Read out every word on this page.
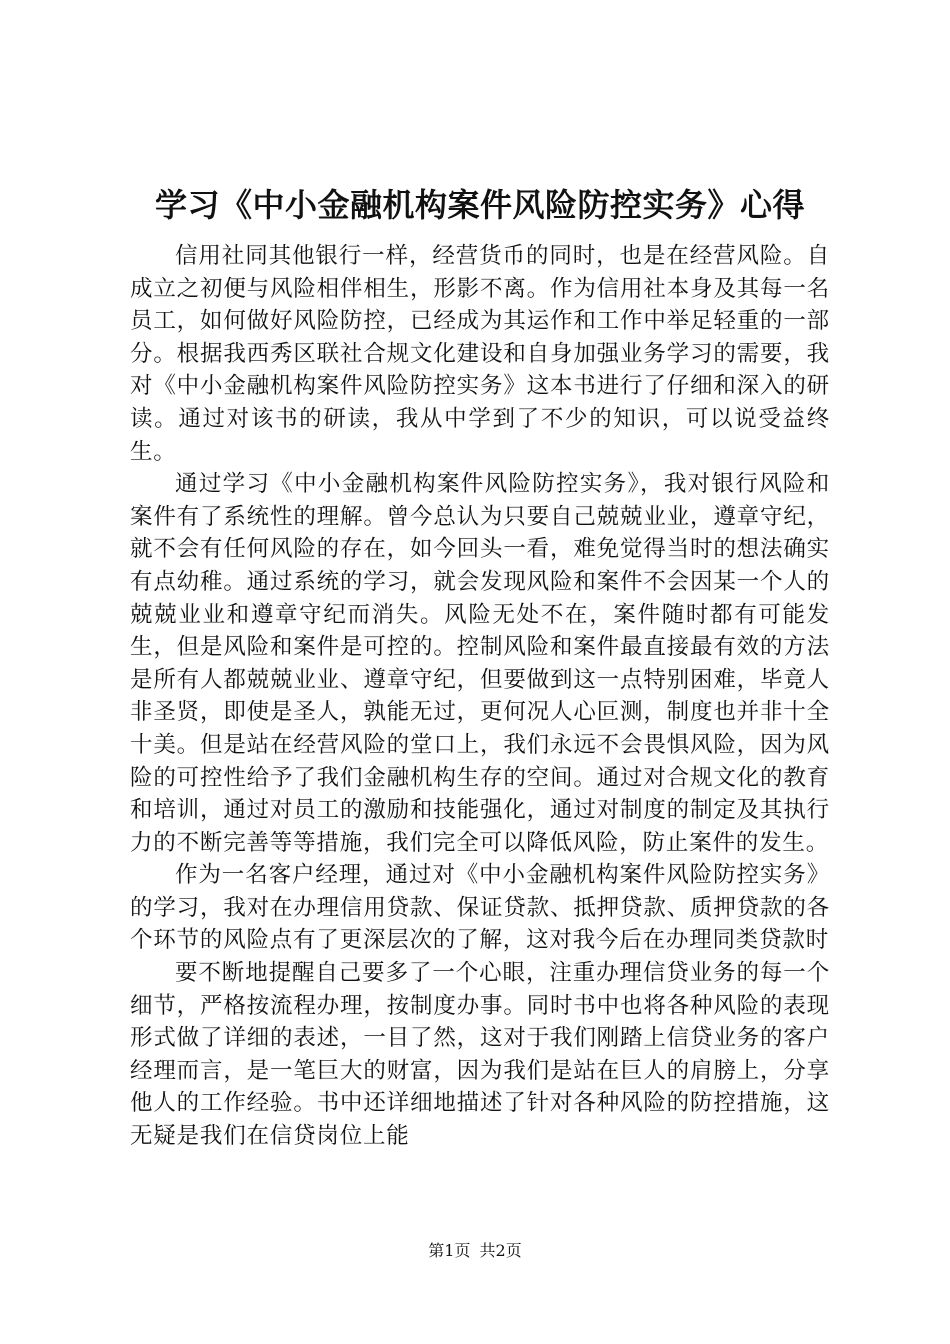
学习《中小金融机构案件风险防控实务》心得

信用社同其他银行一样，经营货币的同时，也是在经营风险。自成立之初便与风险相伴相生，形影不离。作为信用社本身及其每一名员工，如何做好风险防控，已经成为其运作和工作中举足轻重的一部分。根据我西秀区联社合规文化建设和自身加强业务学习的需要，我对《中小金融机构案件风险防控实务》这本书进行了仔细和深入的研读。通过对该书的研读，我从中学到了不少的知识，可以说受益终生。

通过学习《中小金融机构案件风险防控实务》，我对银行风险和案件有了系统性的理解。曾今总认为只要自己兢兢业业，遵章守纪，就不会有任何风险的存在，如今回头一看，难免觉得当时的想法确实有点幼稚。通过系统的学习，就会发现风险和案件不会因某一个人的兢兢业业和遵章守纪而消失。风险无处不在，案件随时都有可能发生，但是风险和案件是可控的。控制风险和案件最直接最有效的方法是所有人都兢兢业业、遵章守纪，但要做到这一点特别困难，毕竟人非圣贤，即使是圣人，孰能无过，更何况人心叵测，制度也并非十全十美。但是站在经营风险的堂口上，我们永远不会畏惧风险，因为风险的可控性给予了我们金融机构生存的空间。通过对合规文化的教育和培训，通过对员工的激励和技能强化，通过对制度的制定及其执行力的不断完善等等措施，我们完全可以降低风险，防止案件的发生。

作为一名客户经理，通过对《中小金融机构案件风险防控实务》的学习，我对在办理信用贷款、保证贷款、抵押贷款、质押贷款的各个环节的风险点有了更深层次的了解，这对我今后在办理同类贷款时

要不断地提醒自己要多了一个心眼，注重办理信贷业务的每一个细节，严格按流程办理，按制度办事。同时书中也将各种风险的表现形式做了详细的表述，一目了然，这对于我们刚踏上信贷业务的客户经理而言，是一笔巨大的财富，因为我们是站在巨人的肩膀上，分享他人的工作经验。书中还详细地描述了针对各种风险的防控措施，这无疑是我们在信贷岗位上能

第1页 共2页
